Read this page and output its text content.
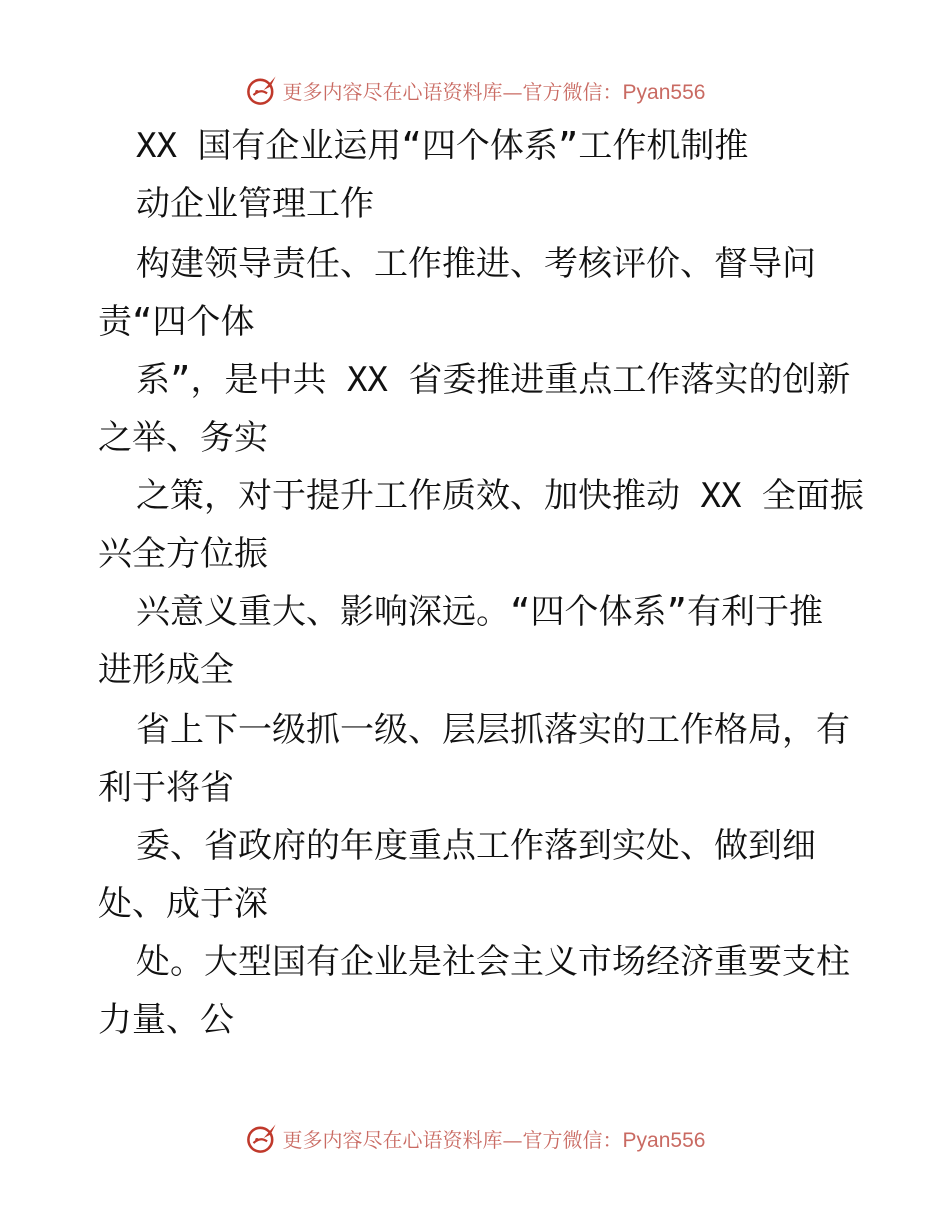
更多内容尽在心语资料库—官方微信：Pyan556
XX 国有企业运用“四个体系”工作机制推
动企业管理工作
构建领导责任、工作推进、考核评价、督导问
责“四个体
系”，是中共 XX 省委推进重点工作落实的创新
之举、务实
之策，对于提升工作质效、加快推动 XX 全面振
兴全方位振
兴意义重大、影响深远。“四个体系”有利于推
进形成全
省上下一级抓一级、层层抓落实的工作格局，有
利于将省
委、省政府的年度重点工作落到实处、做到细
处、成于深
处。大型国有企业是社会主义市场经济重要支柱
力量、公
更多内容尽在心语资料库—官方微信：Pyan556
